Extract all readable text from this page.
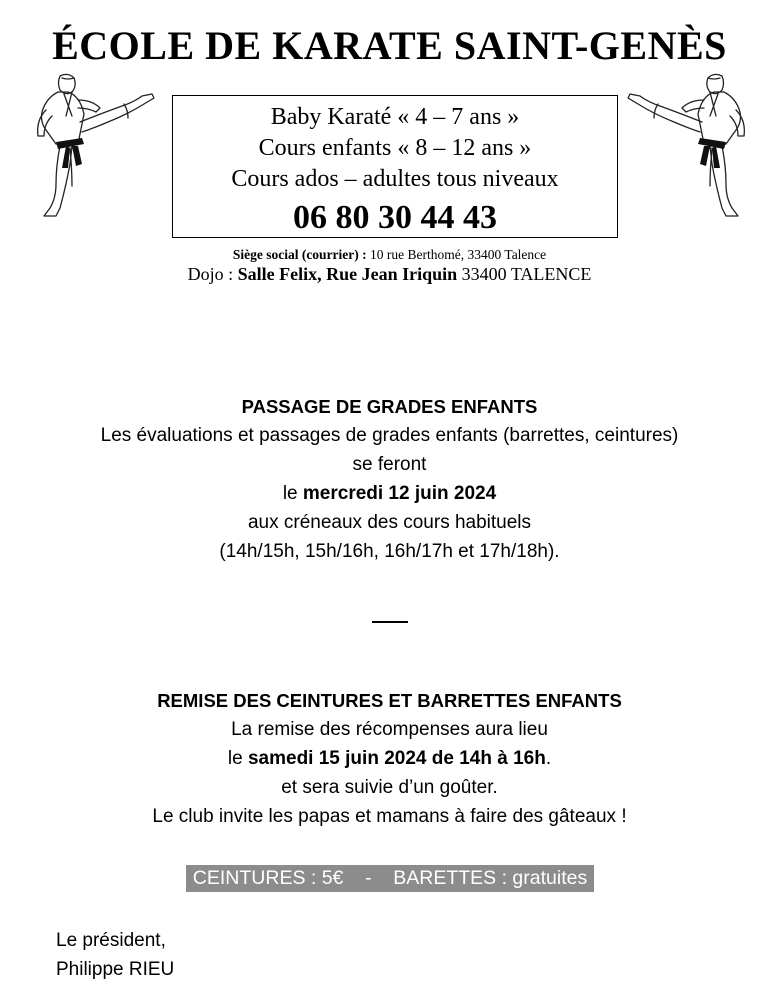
ÉCOLE DE KARATE SAINT-GENÈS
Baby Karaté « 4 – 7 ans »
Cours enfants « 8 – 12 ans »
Cours ados – adultes tous niveaux
06 80 30 44 43
Siège social (courrier) : 10 rue Berthomé, 33400 Talence
Dojo : Salle Felix, Rue Jean Iriquin 33400 TALENCE
PASSAGE DE GRADES ENFANTS
Les évaluations et passages de grades enfants (barrettes, ceintures)
se feront
le mercredi 12 juin 2024
aux créneaux des cours habituels
(14h/15h, 15h/16h, 16h/17h et 17h/18h).
REMISE DES CEINTURES ET BARRETTES ENFANTS
La remise des récompenses aura lieu
le samedi 15 juin 2024 de 14h à 16h.
et sera suivie d’un goûter.
Le club invite les papas et mamans à faire des gâteaux !
CEINTURES : 5€    -    BARETTES : gratuites
Le président,
Philippe RIEU
